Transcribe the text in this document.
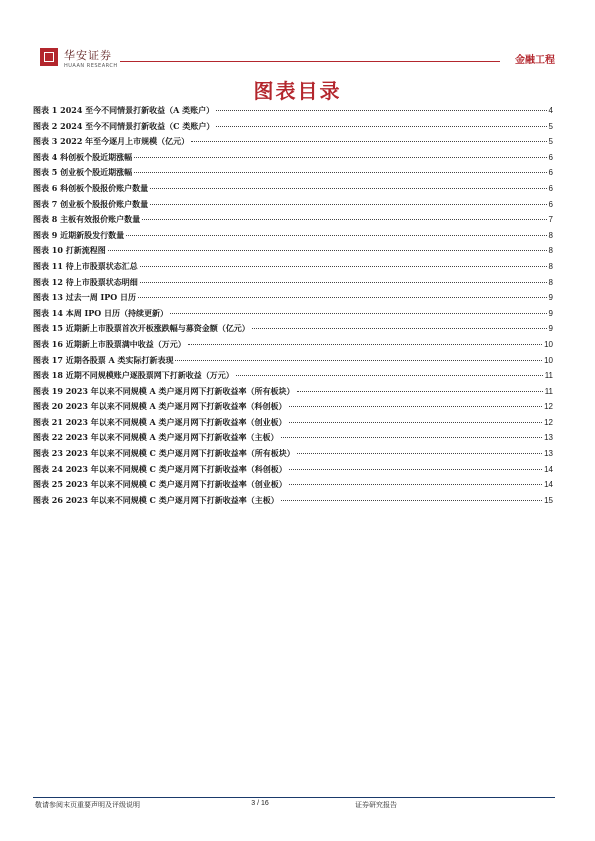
华安证券
HUAAN RESEARCH	金融工程
图表目录
图表 1 2024 至今不同情景打新收益（A 类账户）	4
图表 2 2024 至今不同情景打新收益（C 类账户）	5
图表 3 2022 年至今逐月上市规模（亿元）	5
图表 4 科创板个股近期涨幅	6
图表 5 创业板个股近期涨幅	6
图表 6 科创板个股报价账户数量	6
图表 7 创业板个股报价账户数量	6
图表 8 主板有效报价账户数量	7
图表 9 近期新股发行数量	8
图表 10 打新流程图	8
图表 11 待上市股票状态汇总	8
图表 12 待上市股票状态明细	8
图表 13 过去一周 IPO 日历	9
图表 14 本周 IPO 日历（持续更新）	9
图表 15 近期新上市股票首次开板涨跌幅与募资金额（亿元）	9
图表 16 近期新上市股票满中收益（万元）	10
图表 17 近期各股票 A 类实际打新表现	10
图表 18 近期不同规模账户逐股票网下打新收益（万元）	11
图表 19 2023 年以来不同规模 A 类户逐月网下打新收益率（所有板块）	11
图表 20 2023 年以来不同规模 A 类户逐月网下打新收益率（科创板）	12
图表 21 2023 年以来不同规模 A 类户逐月网下打新收益率（创业板）	12
图表 22 2023 年以来不同规模 A 类户逐月网下打新收益率（主板）	13
图表 23 2023 年以来不同规模 C 类户逐月网下打新收益率（所有板块）	13
图表 24 2023 年以来不同规模 C 类户逐月网下打新收益率（科创板）	14
图表 25 2023 年以来不同规模 C 类户逐月网下打新收益率（创业板）	14
图表 26 2023 年以来不同规模 C 类户逐月网下打新收益率（主板）	15
敬请参阅末页重要声明及评级说明	3 / 16	证券研究报告
